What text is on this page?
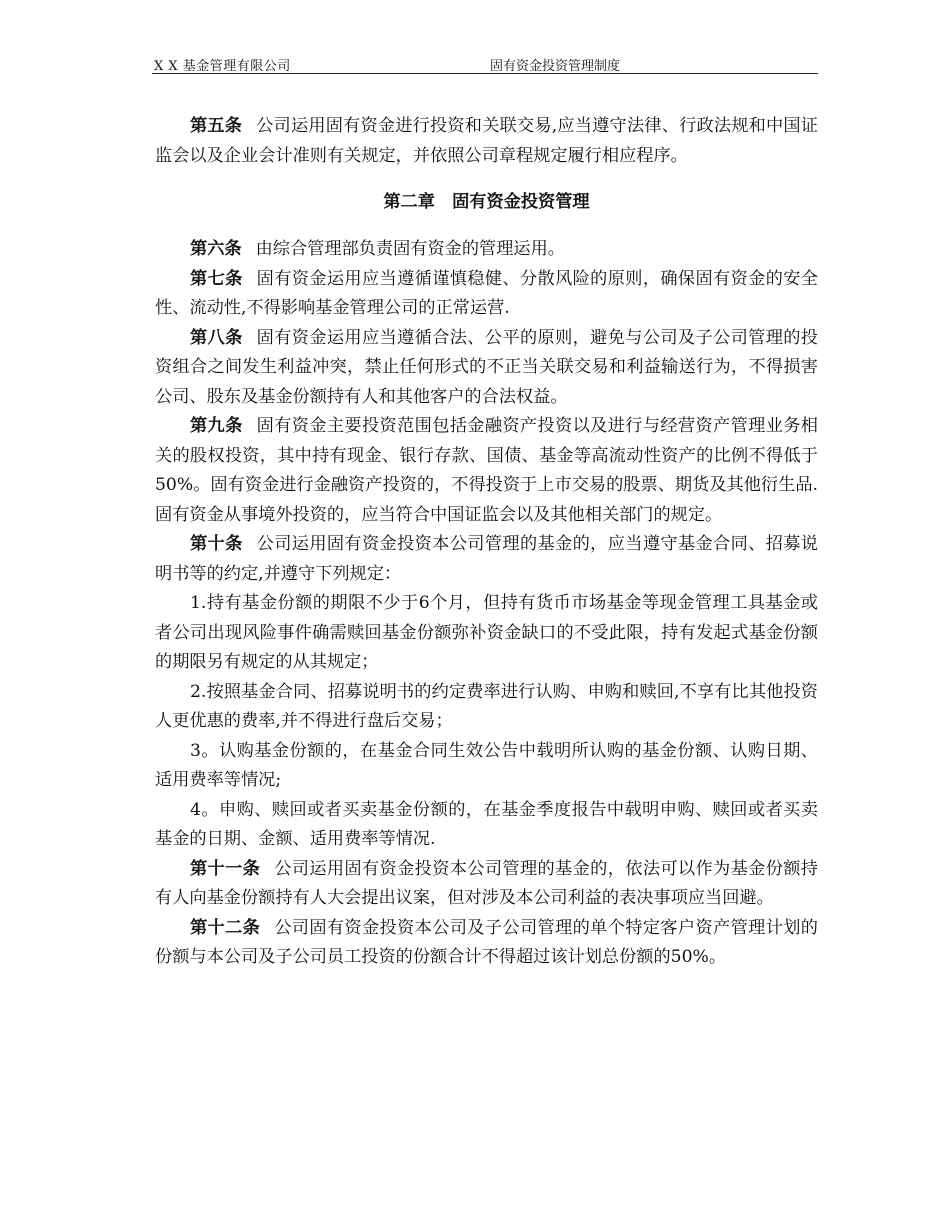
X X 基金管理有限公司	固有资金投资管理制度

第五条 公司运用固有资金进行投资和关联交易,应当遵守法律、行政法规和中国证监会以及企业会计准则有关规定，并依照公司章程规定履行相应程序。

第二章　固有资金投资管理

第六条 由综合管理部负责固有资金的管理运用。

第七条 固有资金运用应当遵循谨慎稳健、分散风险的原则，确保固有资金的安全性、流动性,不得影响基金管理公司的正常运营.

第八条 固有资金运用应当遵循合法、公平的原则，避免与公司及子公司管理的投资组合之间发生利益冲突，禁止任何形式的不正当关联交易和利益输送行为，不得损害公司、股东及基金份额持有人和其他客户的合法权益。

第九条 固有资金主要投资范围包括金融资产投资以及进行与经营资产管理业务相关的股权投资，其中持有现金、银行存款、国债、基金等高流动性资产的比例不得低于50%。固有资金进行金融资产投资的，不得投资于上市交易的股票、期货及其他衍生品.固有资金从事境外投资的，应当符合中国证监会以及其他相关部门的规定。

第十条 公司运用固有资金投资本公司管理的基金的，应当遵守基金合同、招募说明书等的约定,并遵守下列规定：

1.持有基金份额的期限不少于6个月，但持有货币市场基金等现金管理工具基金或者公司出现风险事件确需赎回基金份额弥补资金缺口的不受此限，持有发起式基金份额的期限另有规定的从其规定；

2.按照基金合同、招募说明书的约定费率进行认购、申购和赎回,不享有比其他投资人更优惠的费率,并不得进行盘后交易；

3。认购基金份额的，在基金合同生效公告中载明所认购的基金份额、认购日期、适用费率等情况;

4。申购、赎回或者买卖基金份额的，在基金季度报告中载明申购、赎回或者买卖基金的日期、金额、适用费率等情况.

第十一条 公司运用固有资金投资本公司管理的基金的，依法可以作为基金份额持有人向基金份额持有人大会提出议案，但对涉及本公司利益的表决事项应当回避。

第十二条 公司固有资金投资本公司及子公司管理的单个特定客户资产管理计划的份额与本公司及子公司员工投资的份额合计不得超过该计划总份额的50%。
